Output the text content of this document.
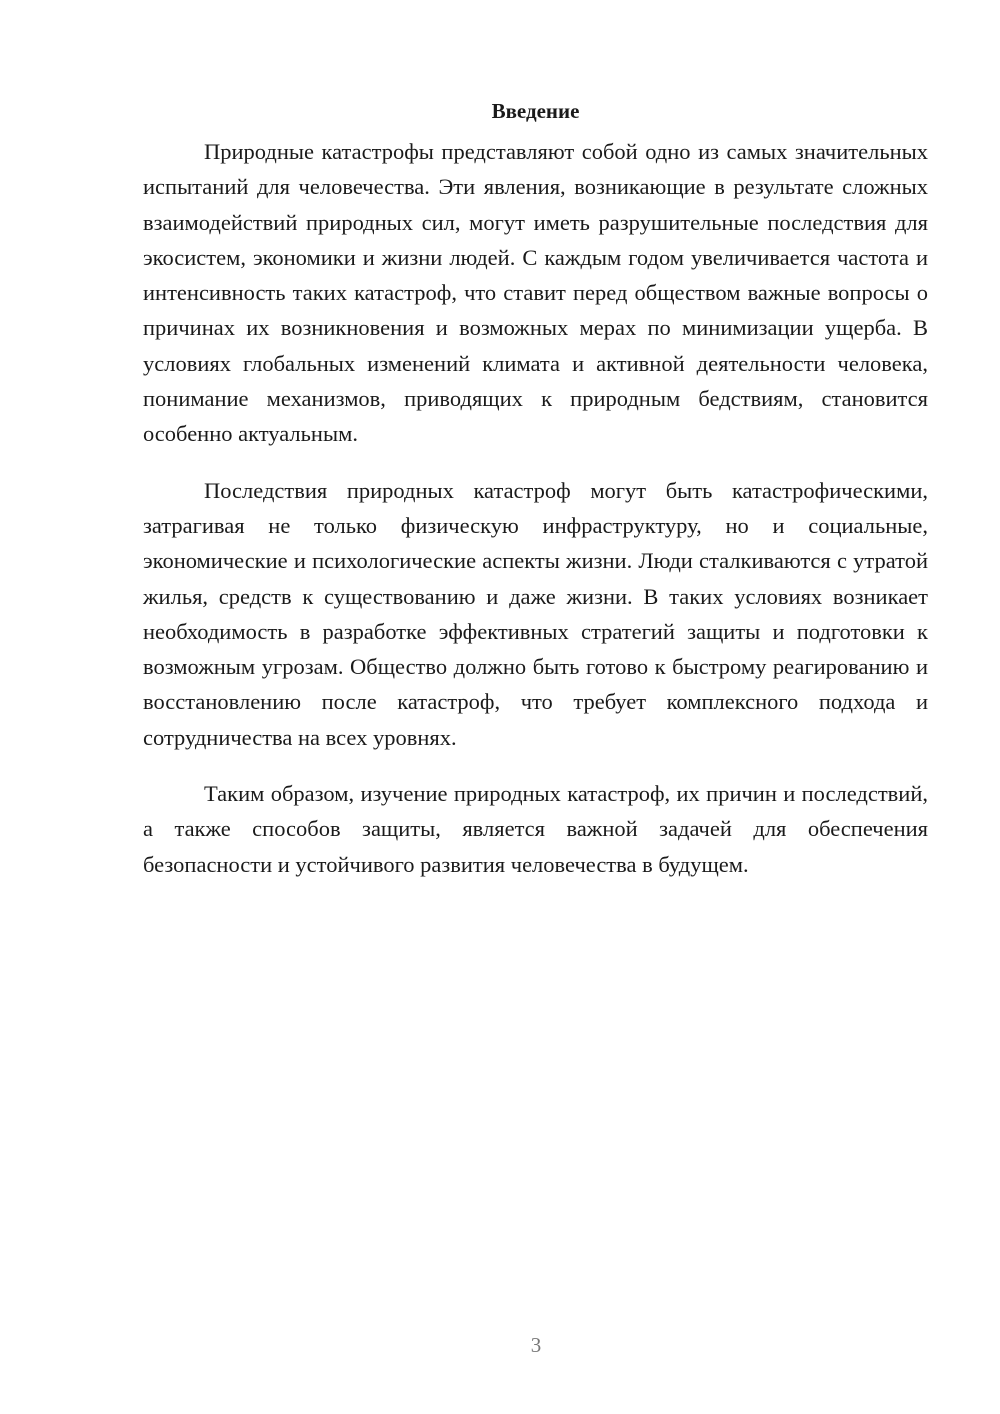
Введение

Природные катастрофы представляют собой одно из самых значительных испытаний для человечества. Эти явления, возникающие в результате сложных взаимодействий природных сил, могут иметь разрушительные последствия для экосистем, экономики и жизни людей. С каждым годом увеличивается частота и интенсивность таких катастроф, что ставит перед обществом важные вопросы о причинах их возникновения и возможных мерах по минимизации ущерба. В условиях глобальных изменений климата и активной деятельности человека, понимание механизмов, приводящих к природным бедствиям, становится особенно актуальным.

Последствия природных катастроф могут быть катастрофическими, затрагивая не только физическую инфраструктуру, но и социальные, экономические и психологические аспекты жизни. Люди сталкиваются с утратой жилья, средств к существованию и даже жизни. В таких условиях возникает необходимость в разработке эффективных стратегий защиты и подготовки к возможным угрозам. Общество должно быть готово к быстрому реагированию и восстановлению после катастроф, что требует комплексного подхода и сотрудничества на всех уровнях.

Таким образом, изучение природных катастроф, их причин и последствий, а также способов защиты, является важной задачей для обеспечения безопасности и устойчивого развития человечества в будущем.

3
